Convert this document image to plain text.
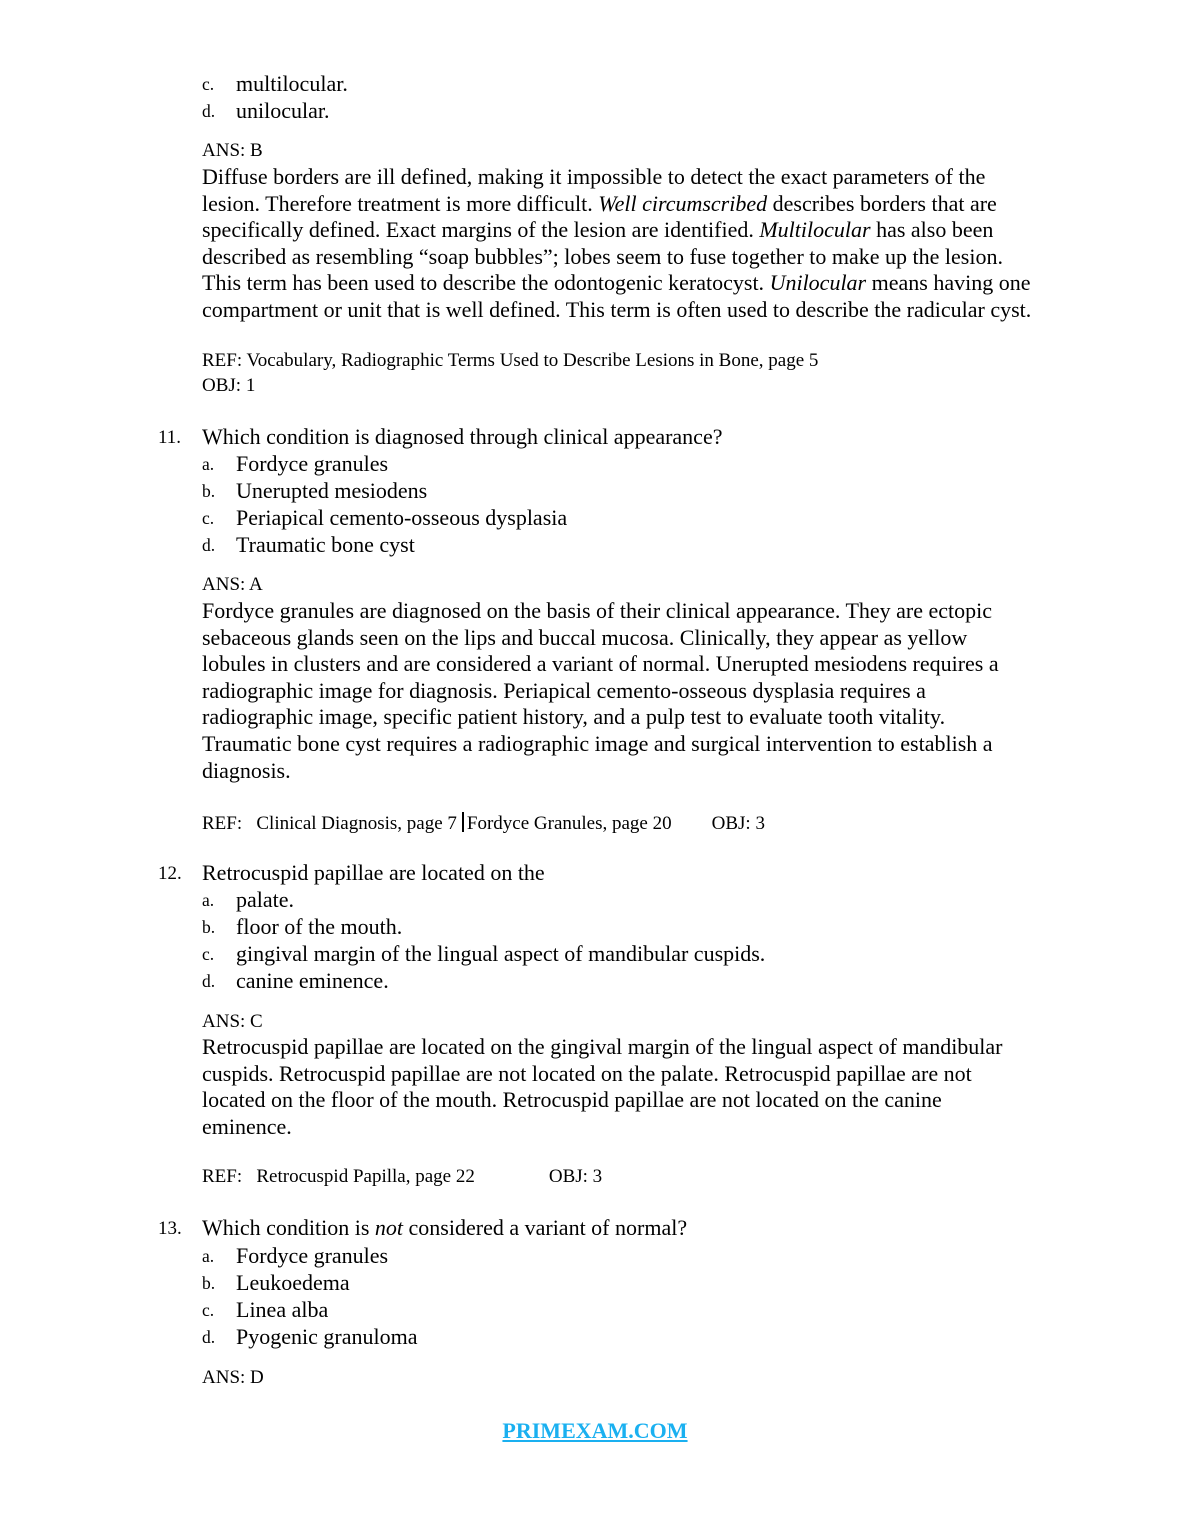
c. multilocular.
d. unilocular.
ANS: B
Diffuse borders are ill defined, making it impossible to detect the exact parameters of the
lesion. Therefore treatment is more difficult. Well circumscribed describes borders that are
specifically defined. Exact margins of the lesion are identified. Multilocular has also been
described as resembling “soap bubbles”; lobes seem to fuse together to make up the lesion.
This term has been used to describe the odontogenic keratocyst. Unilocular means having one
compartment or unit that is well defined. This term is often used to describe the radicular cyst.
REF: Vocabulary, Radiographic Terms Used to Describe Lesions in Bone, page 5
OBJ: 1
11. Which condition is diagnosed through clinical appearance?
a. Fordyce granules
b. Unerupted mesiodens
c. Periapical cemento-osseous dysplasia
d. Traumatic bone cyst
ANS: A
Fordyce granules are diagnosed on the basis of their clinical appearance. They are ectopic
sebaceous glands seen on the lips and buccal mucosa. Clinically, they appear as yellow
lobules in clusters and are considered a variant of normal. Unerupted mesiodens requires a
radiographic image for diagnosis. Periapical cemento-osseous dysplasia requires a
radiographic image, specific patient history, and a pulp test to evaluate tooth vitality.
Traumatic bone cyst requires a radiographic image and surgical intervention to establish a
diagnosis.
REF: Clinical Diagnosis, page 7 Fordyce Granules, page 20 OBJ: 3
12. Retrocuspid papillae are located on the
a. palate.
b. floor of the mouth.
c. gingival margin of the lingual aspect of mandibular cuspids.
d. canine eminence.
ANS: C
Retrocuspid papillae are located on the gingival margin of the lingual aspect of mandibular
cuspids. Retrocuspid papillae are not located on the palate. Retrocuspid papillae are not
located on the floor of the mouth. Retrocuspid papillae are not located on the canine
eminence.
REF: Retrocuspid Papilla, page 22	OBJ: 3
13. Which condition is not considered a variant of normal?
a. Fordyce granules
b. Leukoedema
c. Linea alba
d. Pyogenic granuloma
ANS: D
PRIMEXAM.COM
